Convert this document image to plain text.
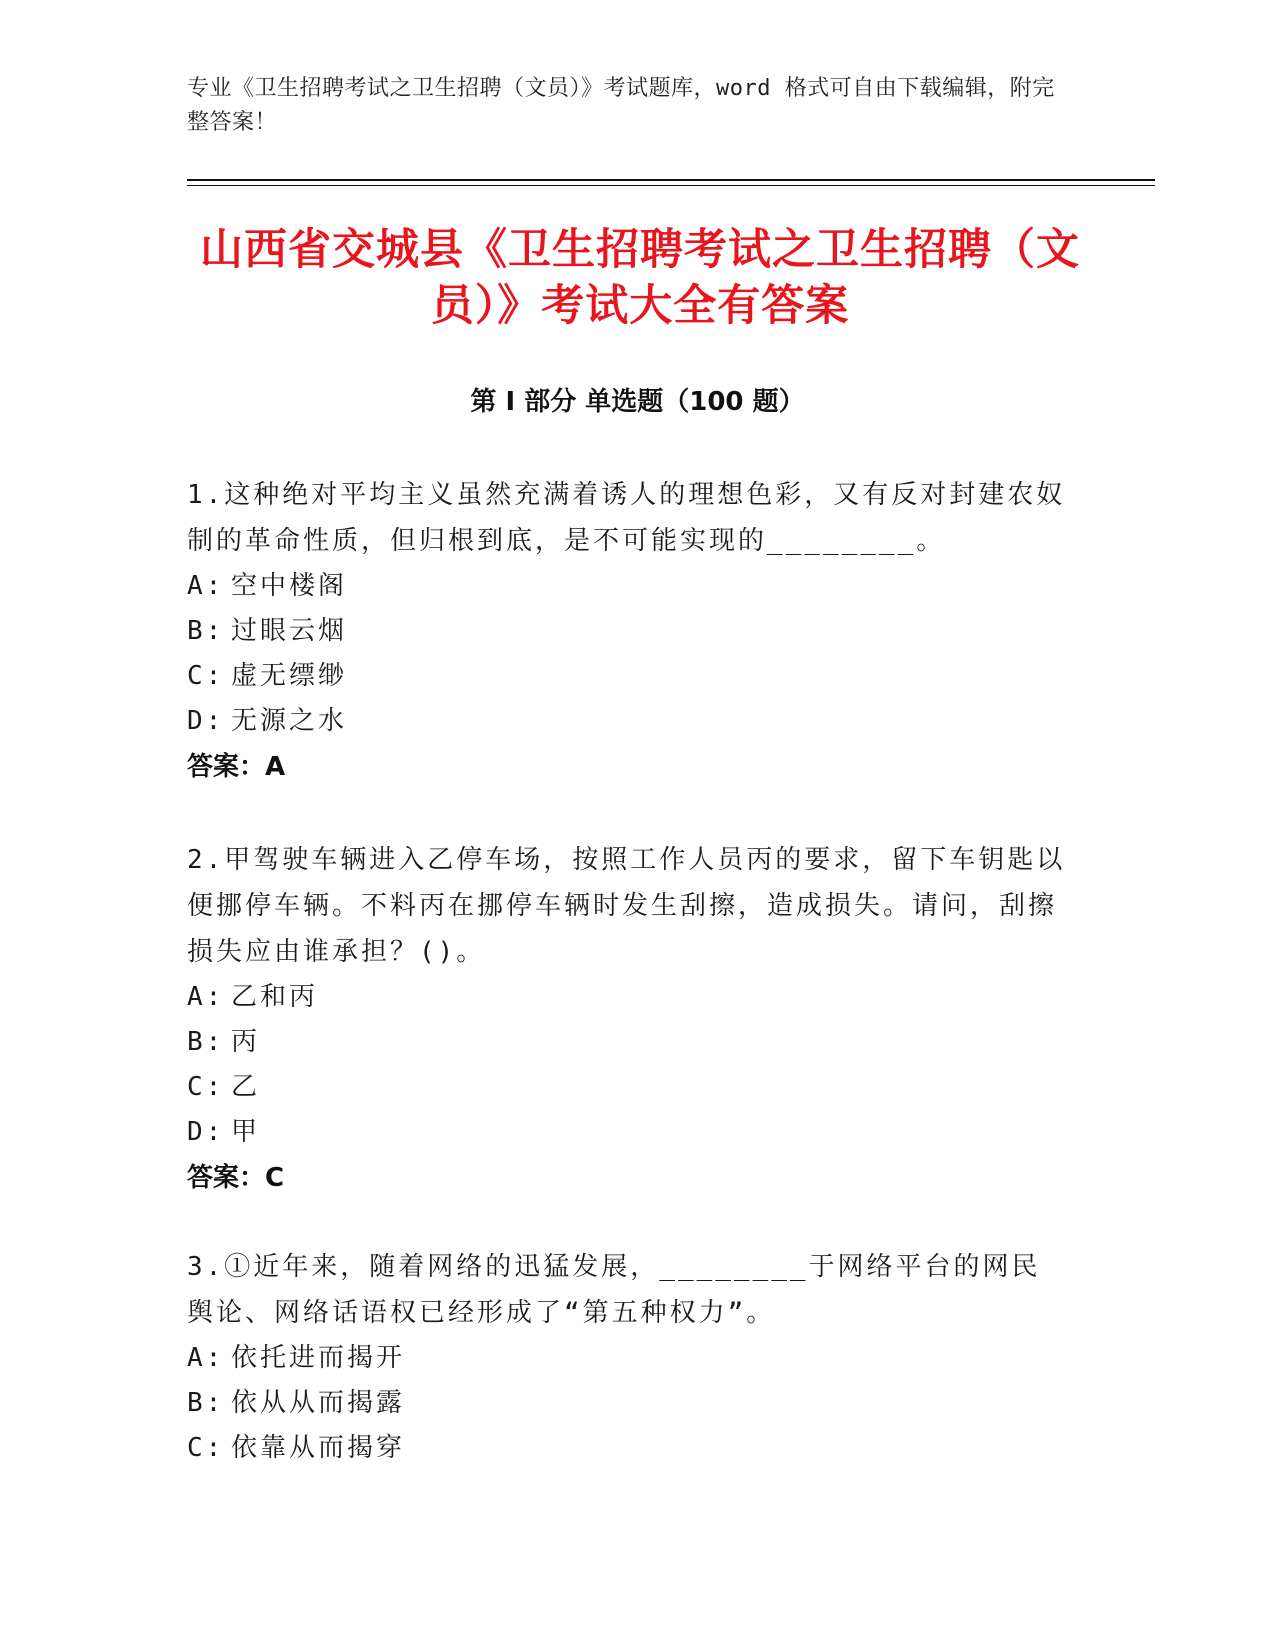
专业《卫生招聘考试之卫生招聘（文员）》考试题库，word 格式可自由下载编辑，附完整答案！
山西省交城县《卫生招聘考试之卫生招聘（文员）》考试大全有答案
第 I 部分 单选题（100 题）
1.这种绝对平均主义虽然充满着诱人的理想色彩，又有反对封建农奴制的革命性质，但归根到底，是不可能实现的________。
A: 空中楼阁
B: 过眼云烟
C: 虚无缥缈
D: 无源之水
答案：A
2.甲驾驶车辆进入乙停车场，按照工作人员丙的要求，留下车钥匙以便挪停车辆。不料丙在挪停车辆时发生刮擦，造成损失。请问，刮擦损失应由谁承担？()。
A: 乙和丙
B: 丙
C: 乙
D: 甲
答案：C
3.①近年来，随着网络的迅猛发展，________于网络平台的网民舆论、网络话语权已经形成了“第五种权力”。
A: 依托进而揭开
B: 依从从而揭露
C: 依靠从而揭穿
